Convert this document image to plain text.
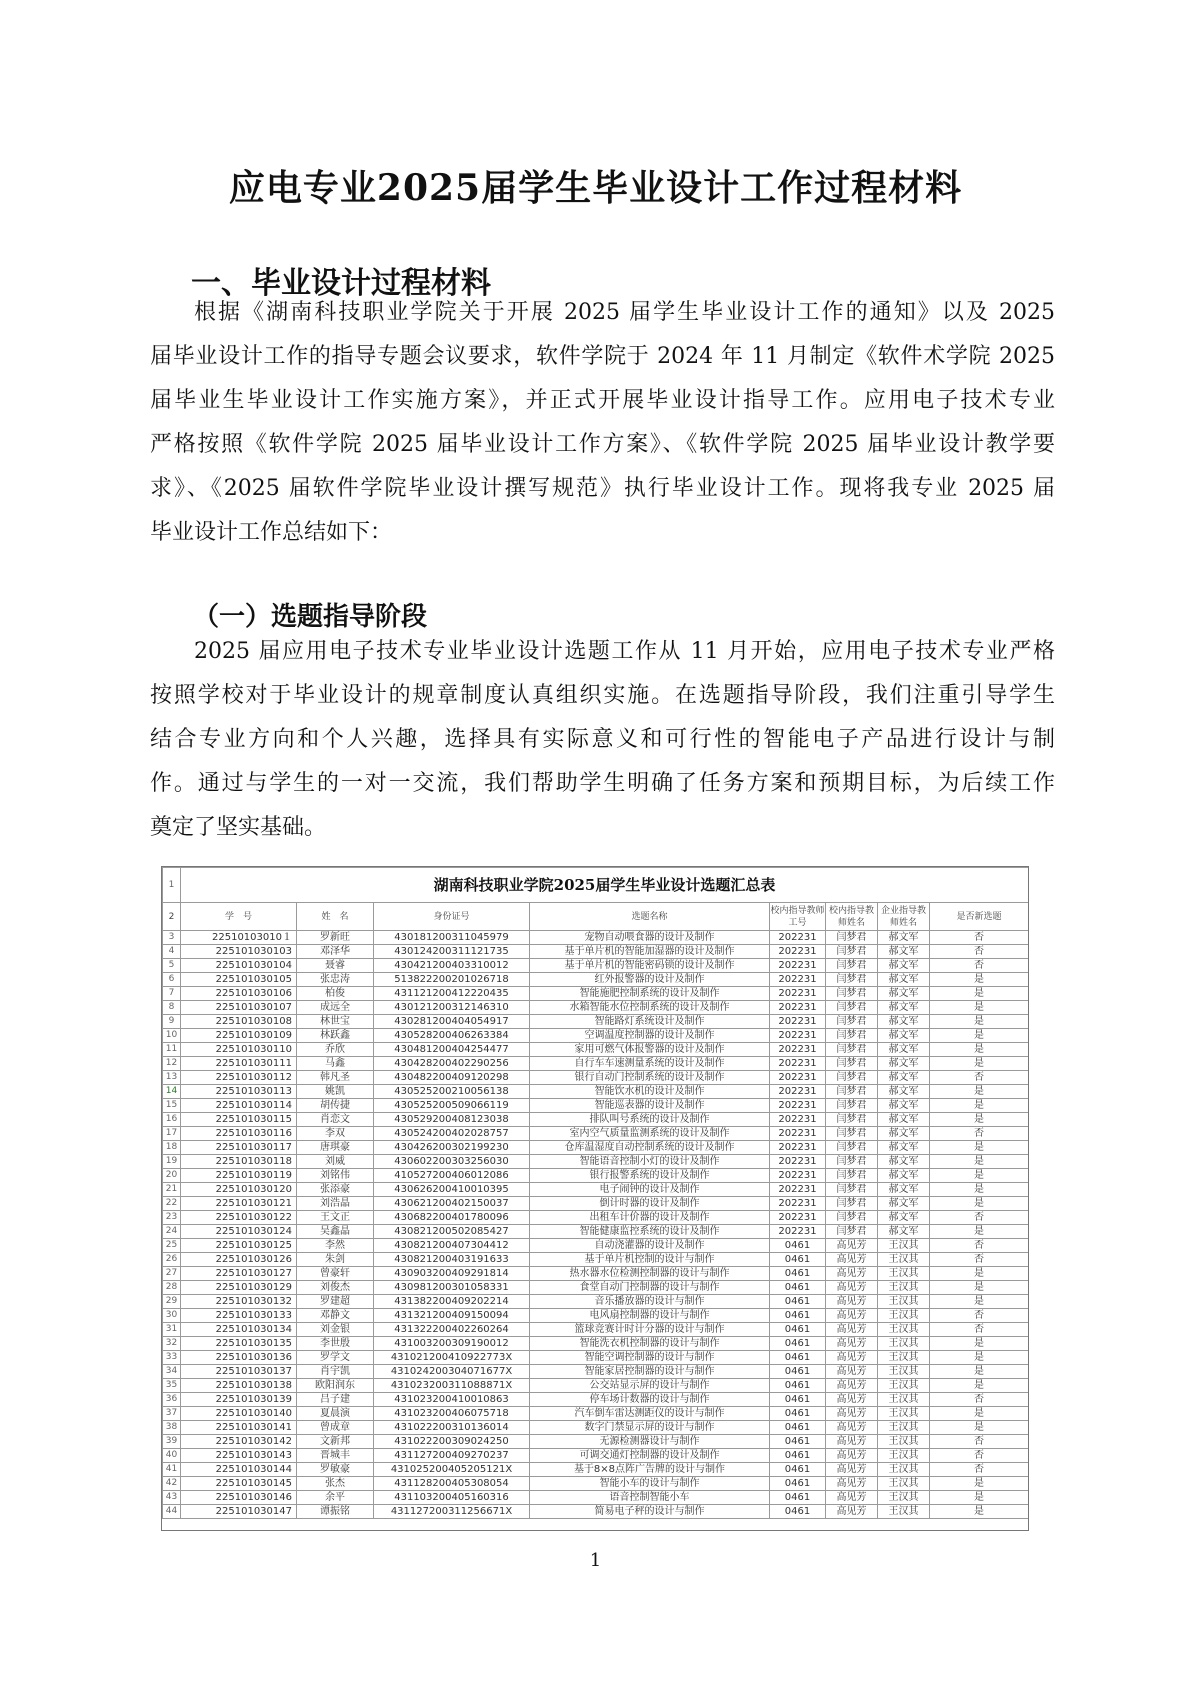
应电专业2025届学生毕业设计工作过程材料
一、毕业设计过程材料
根据《湖南科技职业学院关于开展 2025 届学生毕业设计工作的通知》以及 2025
届毕业设计工作的指导专题会议要求，软件学院于 2024 年 11 月制定《软件术学院 2025
届毕业生毕业设计工作实施方案》，并正式开展毕业设计指导工作。应用电子技术专业
严格按照《软件学院 2025 届毕业设计工作方案》、《软件学院 2025 届毕业设计教学要
求》、《2025 届软件学院毕业设计撰写规范》执行毕业设计工作。现将我专业 2025 届
毕业设计工作总结如下：
（一）选题指导阶段
2025 届应用电子技术专业毕业设计选题工作从 11 月开始，应用电子技术专业严格
按照学校对于毕业设计的规章制度认真组织实施。在选题指导阶段，我们注重引导学生
结合专业方向和个人兴趣，选择具有实际意义和可行性的智能电子产品进行设计与制
作。通过与学生的一对一交流，我们帮助学生明确了任务方案和预期目标，为后续工作
奠定了坚实基础。
1	湖南科技职业学院2025届学生毕业设计选题汇总表							
2	学　号	姓　名	身份证号	选题名称	校内指导教师工号	校内指导教师姓名	企业指导教师姓名	是否新选题
3	22510103010１	罗新旺	430181200311045979	宠物自动喂食器的设计及制作	202231	闫梦君	郝文军	否
4	225101030103	邓泽华	430124200311121735	基于单片机的智能加湿器的设计及制作	202231	闫梦君	郝文军	否
5	225101030104	聂睿	430421200403310012	基于单片机的智能密码锁的设计及制作	202231	闫梦君	郝文军	否
6	225101030105	张忠涛	513822200201026718	红外报警器的设计及制作	202231	闫梦君	郝文军	是
7	225101030106	柏俊	431121200412220435	智能施肥控制系统的设计及制作	202231	闫梦君	郝文军	是
8	225101030107	成远全	430121200312146310	水箱智能水位控制系统的设计及制作	202231	闫梦君	郝文军	是
9	225101030108	林世宝	430281200404054917	智能路灯系统设计及制作	202231	闫梦君	郝文军	是
10	225101030109	林跃鑫	430528200406263384	空调温度控制器的设计及制作	202231	闫梦君	郝文军	是
11	225101030110	乔欣	430481200404254477	家用可燃气体报警器的设计及制作	202231	闫梦君	郝文军	是
12	225101030111	马鑫	430428200402290256	自行车车速测量系统的设计及制作	202231	闫梦君	郝文军	是
13	225101030112	韩凡圣	430482200409120298	银行自动门控制系统的设计及制作	202231	闫梦君	郝文军	否
14	225101030113	姚凯	430525200210056138	智能饮水机的设计及制作	202231	闫梦君	郝文军	是
15	225101030114	胡传捷	430525200509066119	智能巡表器的设计及制作	202231	闫梦君	郝文军	是
16	225101030115	肖恋文	430529200408123038	排队叫号系统的设计及制作	202231	闫梦君	郝文军	是
17	225101030116	李双	430524200402028757	室内空气质量监测系统的设计及制作	202231	闫梦君	郝文军	否
18	225101030117	唐琪豪	430426200302199230	仓库温湿度自动控制系统的设计及制作	202231	闫梦君	郝文军	是
19	225101030118	刘威	430602200303256030	智能语音控制小灯的设计及制作	202231	闫梦君	郝文军	是
20	225101030119	刘铭伟	410527200406012086	银行报警系统的设计及制作	202231	闫梦君	郝文军	是
21	225101030120	张添豪	430626200410010395	电子闹钟的设计及制作	202231	闫梦君	郝文军	是
22	225101030121	刘浩晶	430621200402150037	倒计时器的设计及制作	202231	闫梦君	郝文军	是
23	225101030122	王文正	430682200401780096	出租车计价器的设计及制作	202231	闫梦君	郝文军	否
24	225101030124	吴鑫晶	430821200502085427	智能健康监控系统的设计及制作	202231	闫梦君	郝文军	是
25	225101030125	李然	430821200407304412	自动浇灌器的设计及制作	0461	高见芳	王汉其	否
26	225101030126	朱剑	430821200403191633	基于单片机控制的设计与制作	0461	高见芳	王汉其	否
27	225101030127	曾豪轩	430903200409291814	热水器水位检测控制器的设计与制作	0461	高见芳	王汉其	是
28	225101030129	刘俊杰	430981200301058331	食堂自动门控制器的设计与制作	0461	高见芳	王汉其	是
29	225101030132	罗建超	431382200409202214	音乐播放器的设计与制作	0461	高见芳	王汉其	是
30	225101030133	邓静文	431321200409150094	电风扇控制器的设计与制作	0461	高见芳	王汉其	否
31	225101030134	刘金银	431322200402260264	篮球竞赛计时计分器的设计与制作	0461	高见芳	王汉其	否
32	225101030135	李世殷	431003200309190012	智能洗衣机控制器的设计与制作	0461	高见芳	王汉其	是
33	225101030136	罗学文	431021200410922773X	智能空调控制器的设计与制作	0461	高见芳	王汉其	是
34	225101030137	肖宇凯	431024200304071677X	智能家居控制器的设计与制作	0461	高见芳	王汉其	是
35	225101030138	欧阳润东	431023200311088871X	公交站显示屏的设计与制作	0461	高见芳	王汉其	是
36	225101030139	吕子建	431023200410010863	停车场计数器的设计与制作	0461	高见芳	王汉其	否
37	225101030140	夏晨演	431023200406075718	汽车倒车雷达测距仪的设计与制作	0461	高见芳	王汉其	是
38	225101030141	曾成章	431022200310136014	数字门禁显示屏的设计与制作	0461	高见芳	王汉其	是
39	225101030142	文新邦	431022200309024250	无源检测器设计与制作	0461	高见芳	王汉其	否
40	225101030143	晋城丰	431127200409270237	可调交通灯控制器的设计及制作	0461	高见芳	王汉其	否
41	225101030144	罗敏豪	431025200405205121X	基于8×8点阵广告牌的设计与制作	0461	高见芳	王汉其	否
42	225101030145	张杰	431128200405308054	智能小车的设计与制作	0461	高见芳	王汉其	是
43	225101030146	余平	431103200405160316	语音控制智能小车	0461	高见芳	王汉其	是
44	225101030147	谭振铭	431127200311256671X	简易电子秤的设计与制作	0461	高见芳	王汉其	是
1
